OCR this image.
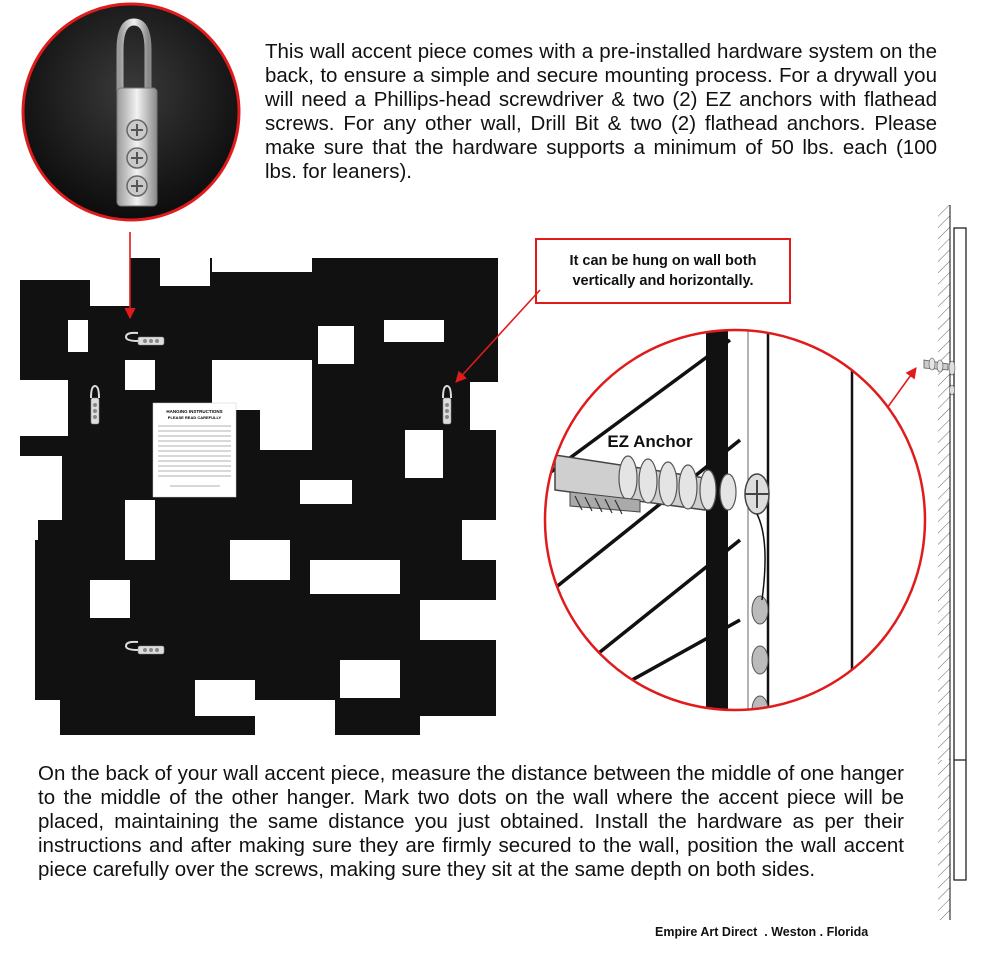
This wall accent piece comes with a pre-installed hardware system on the back, to ensure a simple and secure mounting process. For a drywall you will need a Phillips-head screwdriver & two (2) EZ anchors with flathead screws. For any other wall, Drill Bit & two (2) flathead anchors. Please make sure that the hardware supports a minimum of 50 lbs. each (100 lbs. for leaners).
It can be hung on wall both
vertically and horizontally.
HANGING INSTRUCTIONS
PLEASE READ CAREFULLY
EZ Anchor
On the back of your wall accent piece, measure the distance between the middle of one hanger to the middle of the other hanger. Mark two dots on the wall where the accent piece will be placed, maintaining the same distance you just obtained. Install the hardware as per their instructions and after making sure they are firmly secured to the wall, position the wall accent piece carefully over the screws, making sure they sit at the same depth on both sides.
Empire Art Direct  . Weston . Florida
